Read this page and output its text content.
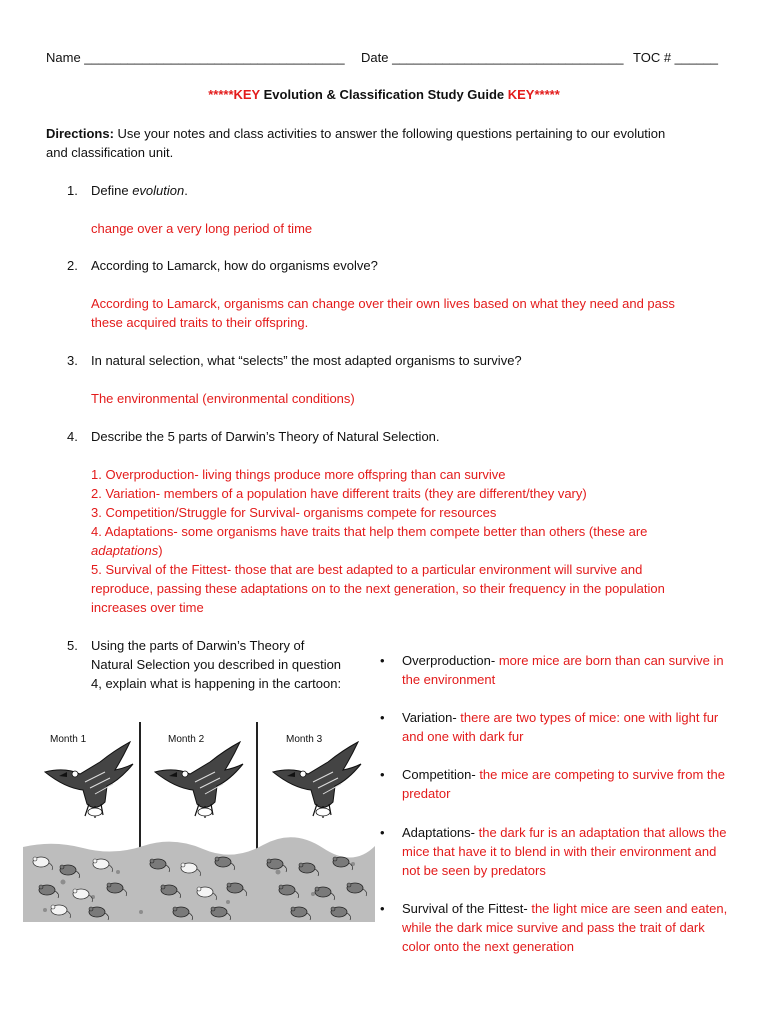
Name ____________________________________ Date ________________________________ TOC # ______
*****KEY Evolution & Classification Study Guide KEY*****
Directions: Use your notes and class activities to answer the following questions pertaining to our evolution
and classification unit.
1. Define evolution.
change over a very long period of time
2. According to Lamarck, how do organisms evolve?
According to Lamarck, organisms can change over their own lives based on what they need and pass
these acquired traits to their offspring.
3. In natural selection, what “selects” the most adapted organisms to survive?
The environmental (environmental conditions)
4. Describe the 5 parts of Darwin’s Theory of Natural Selection.
1. Overproduction- living things produce more offspring than can survive
2. Variation- members of a population have different traits (they are different/they vary)
3. Competition/Struggle for Survival- organisms compete for resources
4. Adaptations- some organisms have traits that help them compete better than others (these are
adaptations)
5. Survival of the Fittest- those that are best adapted to a particular environment will survive and
reproduce, passing these adaptations on to the next generation, so their frequency in the population
increases over time
5. Using the parts of Darwin’s Theory of
Natural Selection you described in question
4, explain what is happening in the cartoon:
Month 1	Month 2	Month 3
• Overproduction- more mice are born than can survive in
the environment
• Variation- there are two types of mice: one with light fur
and one with dark fur
• Competition- the mice are competing to survive from the
predator
• Adaptations- the dark fur is an adaptation that allows the
mice that have it to blend in with their environment and
not be seen by predators
• Survival of the Fittest- the light mice are seen and eaten,
while the dark mice survive and pass the trait of dark
color onto the next generation
